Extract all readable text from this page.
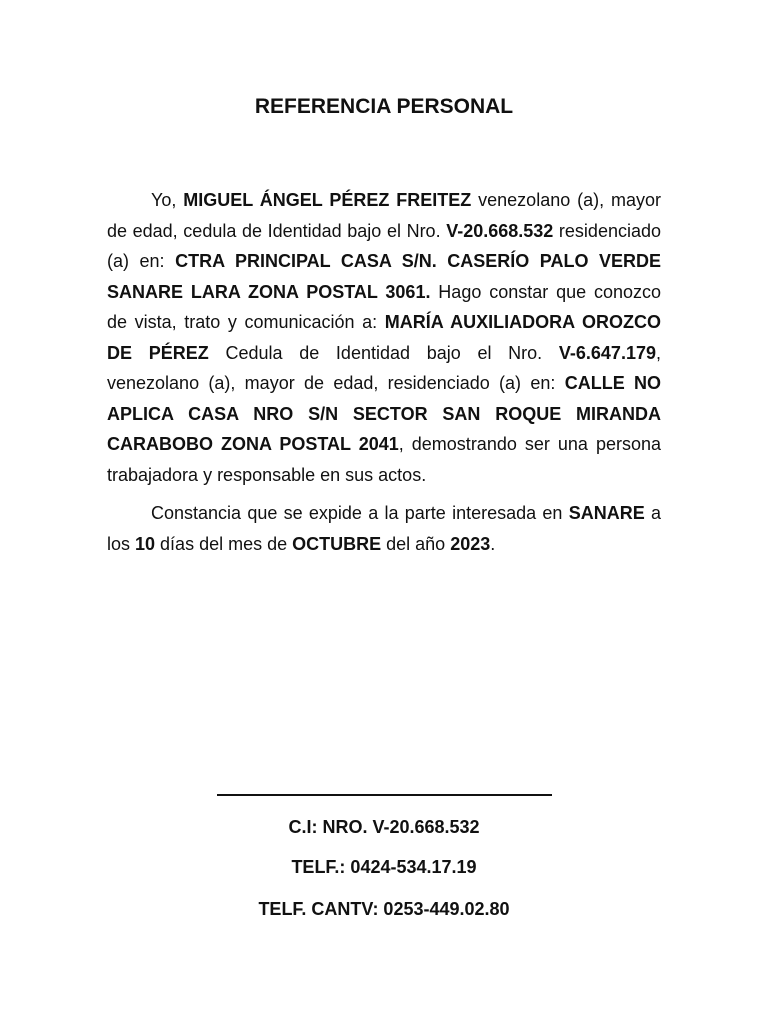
REFERENCIA PERSONAL

Yo, MIGUEL ÁNGEL PÉREZ FREITEZ venezolano (a), mayor de edad, cedula de Identidad bajo el Nro. V-20.668.532 residenciado (a) en: CTRA PRINCIPAL CASA S/N. CASERÍO PALO VERDE SANARE LARA ZONA POSTAL 3061. Hago constar que conozco de vista, trato y comunicación a: MARÍA AUXILIADORA OROZCO DE PÉREZ Cedula de Identidad bajo el Nro. V-6.647.179, venezolano (a), mayor de edad, residenciado (a) en: CALLE NO APLICA CASA NRO S/N SECTOR SAN ROQUE MIRANDA CARABOBO ZONA POSTAL 2041, demostrando ser una persona trabajadora y responsable en sus actos.

Constancia que se expide a la parte interesada en SANARE a los 10 días del mes de OCTUBRE del año 2023.

C.I: NRO. V-20.668.532
TELF.: 0424-534.17.19
TELF. CANTV: 0253-449.02.80
